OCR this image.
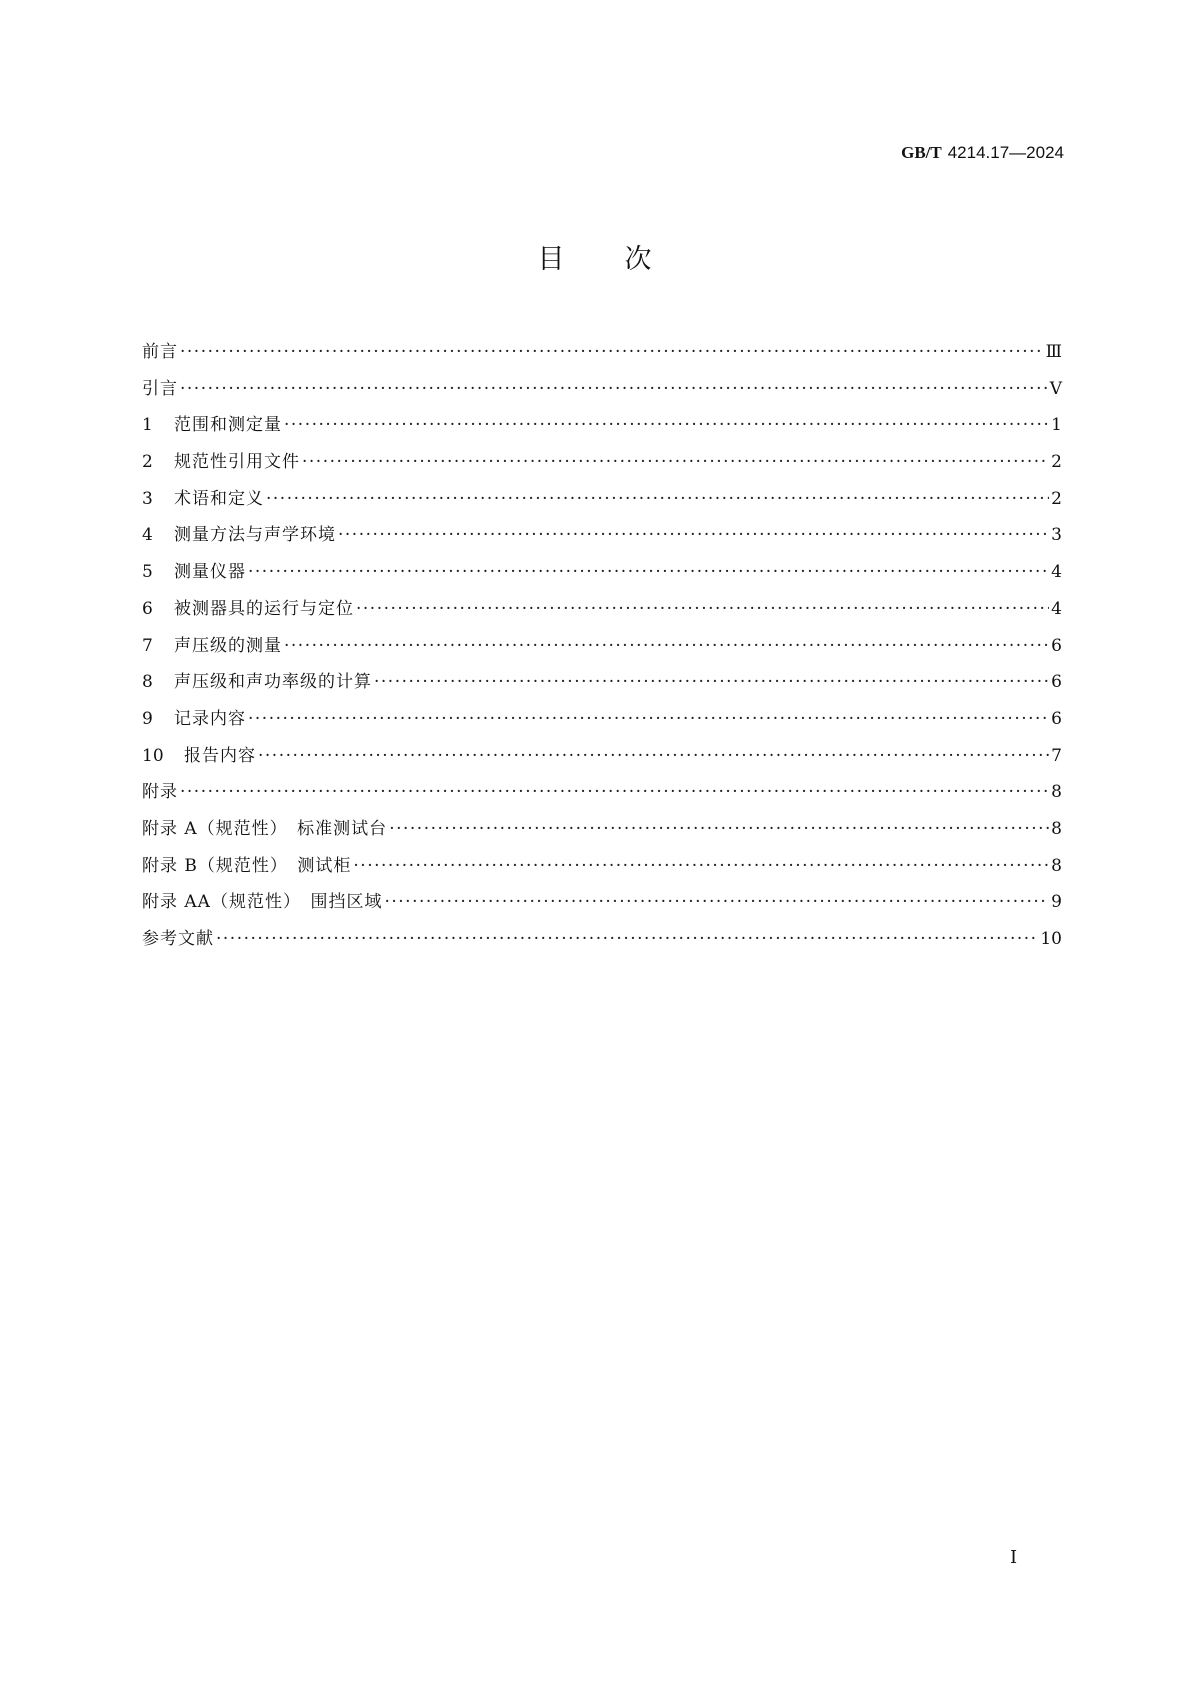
GB/T 4214.17—2024
目 次
前言 ·····	Ⅲ
引言 ·····	Ⅴ
1	范围和测定量 ·····	1
2	规范性引用文件 ·····	2
3	术语和定义 ·····	2
4	测量方法与声学环境 ·····	3
5	测量仪器 ·····	4
6	被测器具的运行与定位 ·····	4
7	声压级的测量 ·····	6
8	声压级和声功率级的计算 ·····	6
9	记录内容 ·····	6
10	报告内容 ·····	7
附录 ·····	8
附录 A（规范性）　标准测试台 ·····	8
附录 B（规范性）　测试柜 ·····	8
附录 AA（规范性）　围挡区域 ·····	9
参考文献 ·····	10
Ⅰ
